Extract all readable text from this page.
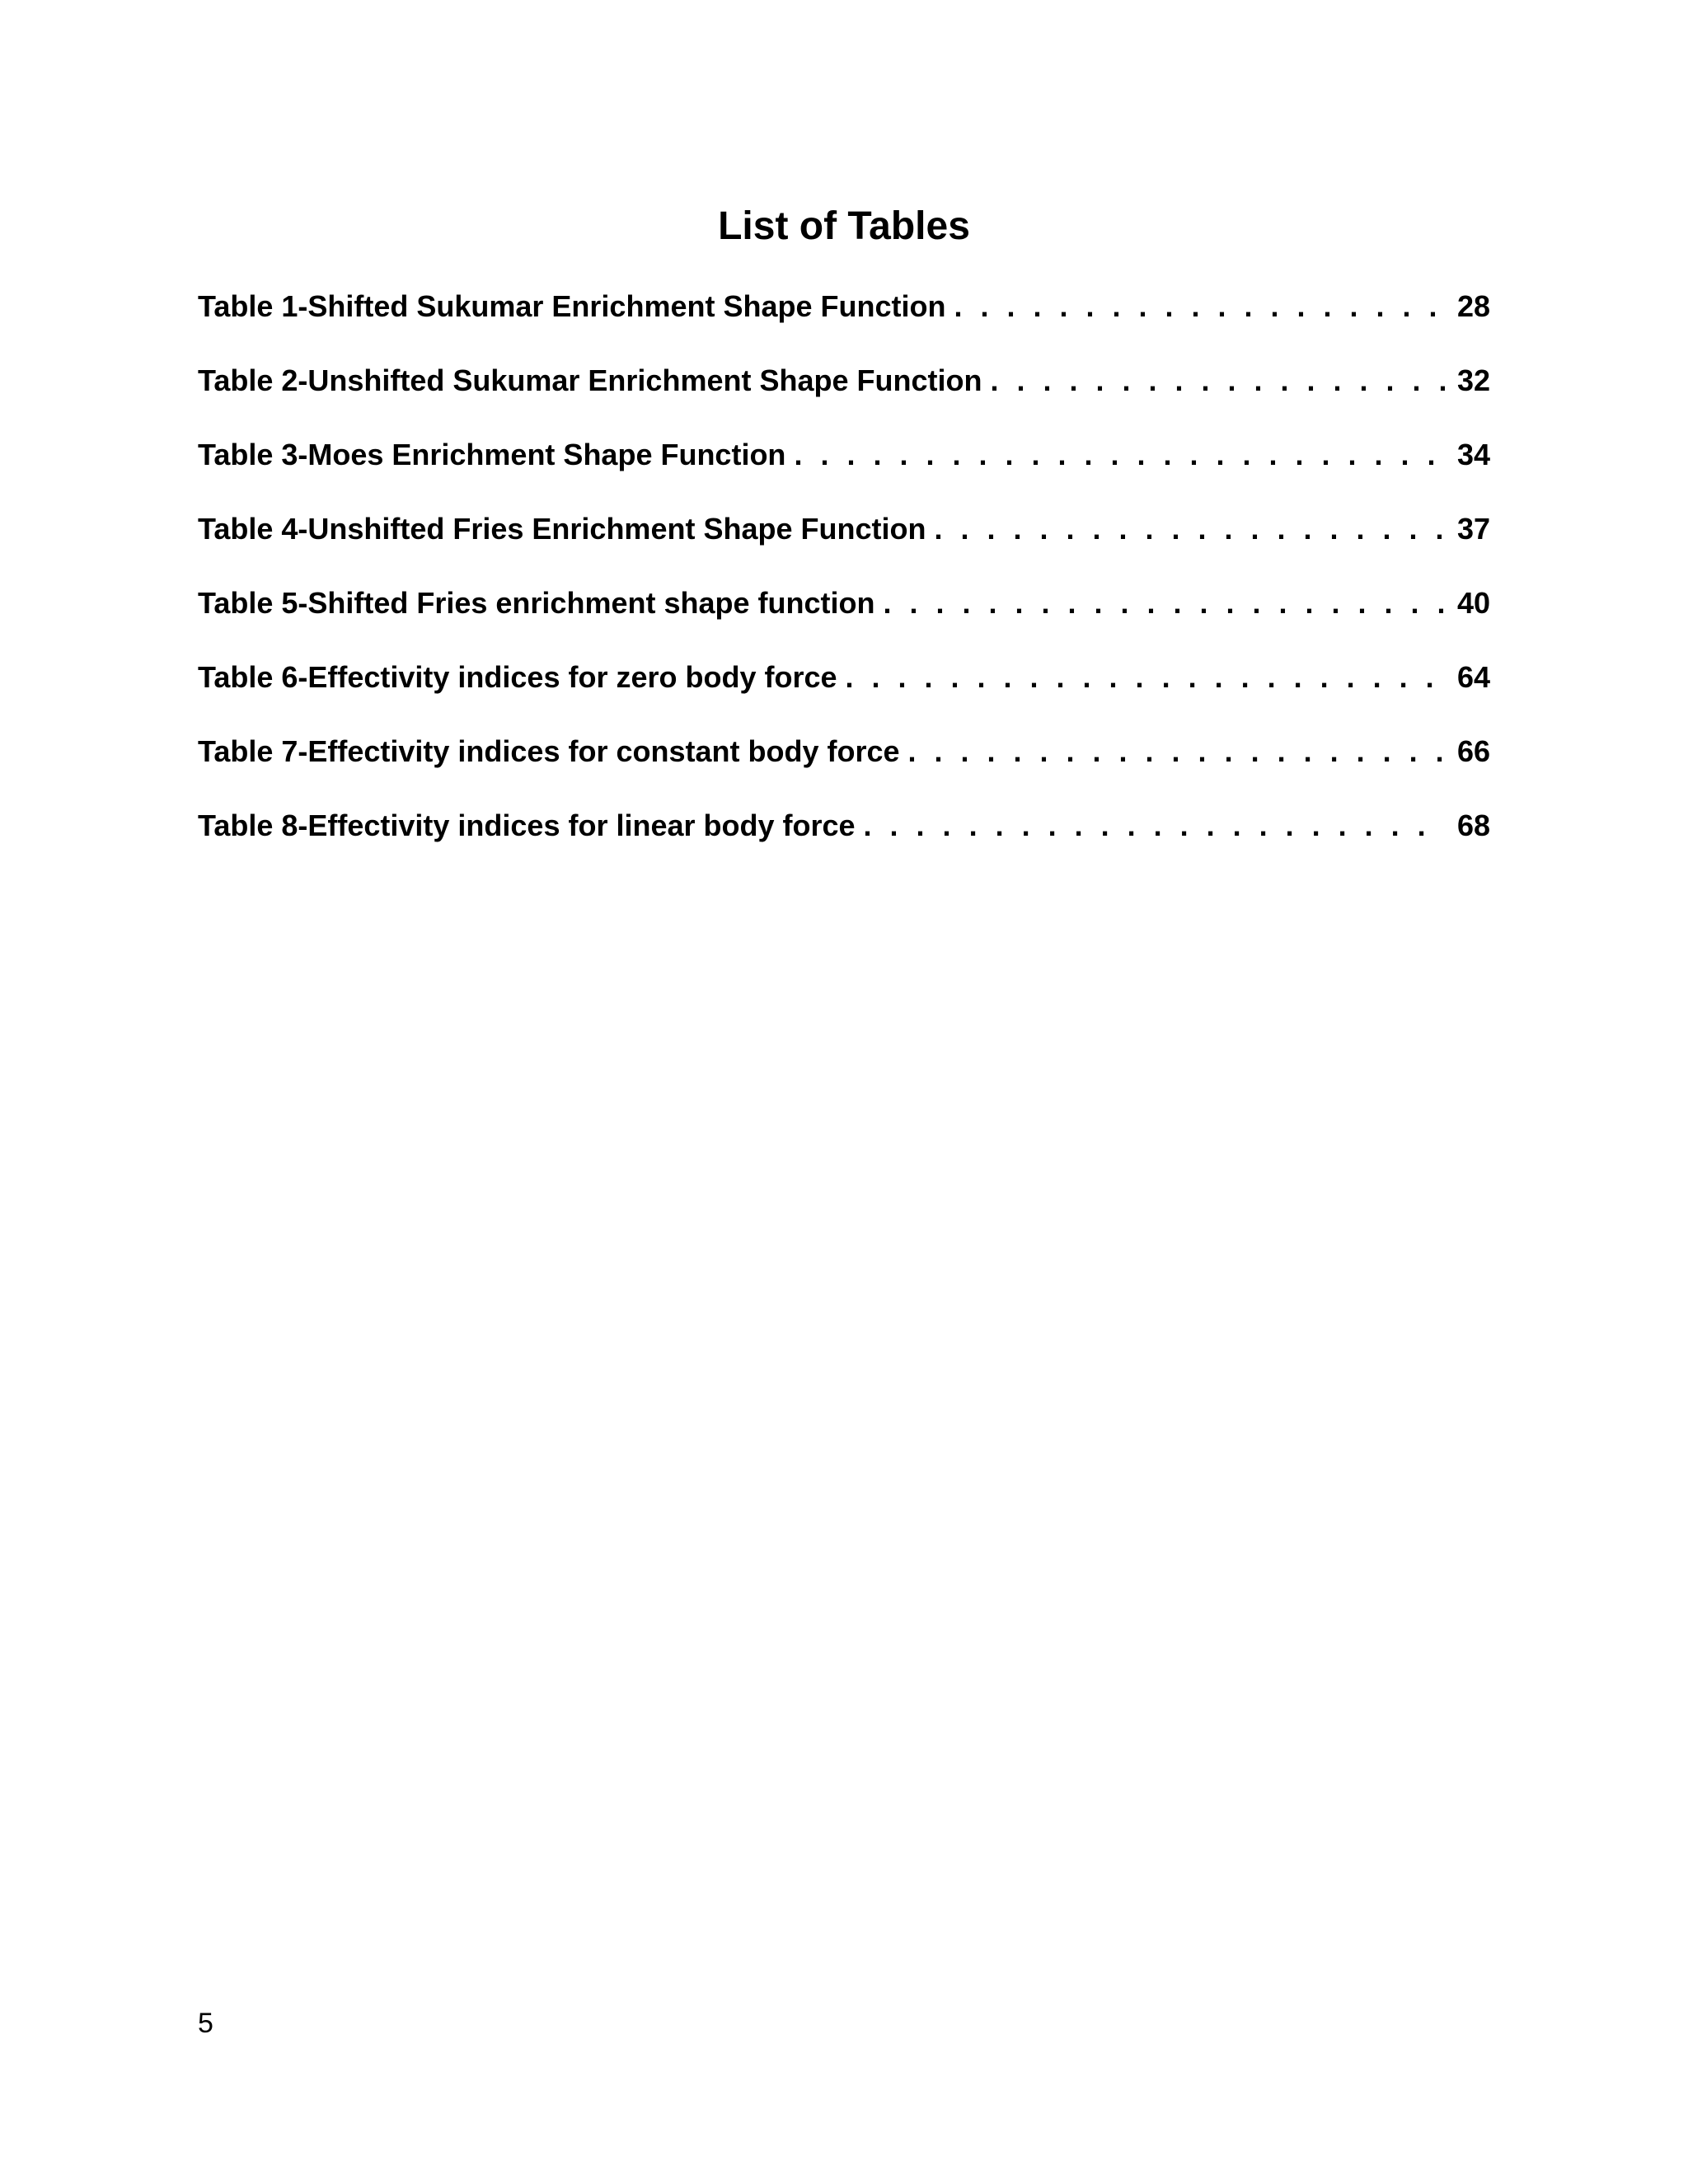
List of Tables
Table 1-Shifted Sukumar Enrichment Shape Function . . .	28
Table 2-Unshifted Sukumar Enrichment Shape Function . . .	32
Table 3-Moes Enrichment Shape Function . . .	34
Table 4-Unshifted Fries Enrichment Shape Function . . .	37
Table 5-Shifted Fries enrichment shape function . . .	40
Table 6-Effectivity indices for zero body force . . .	64
Table 7-Effectivity indices for constant body force . . .	66
Table 8-Effectivity indices for linear body force . . .	68
5
